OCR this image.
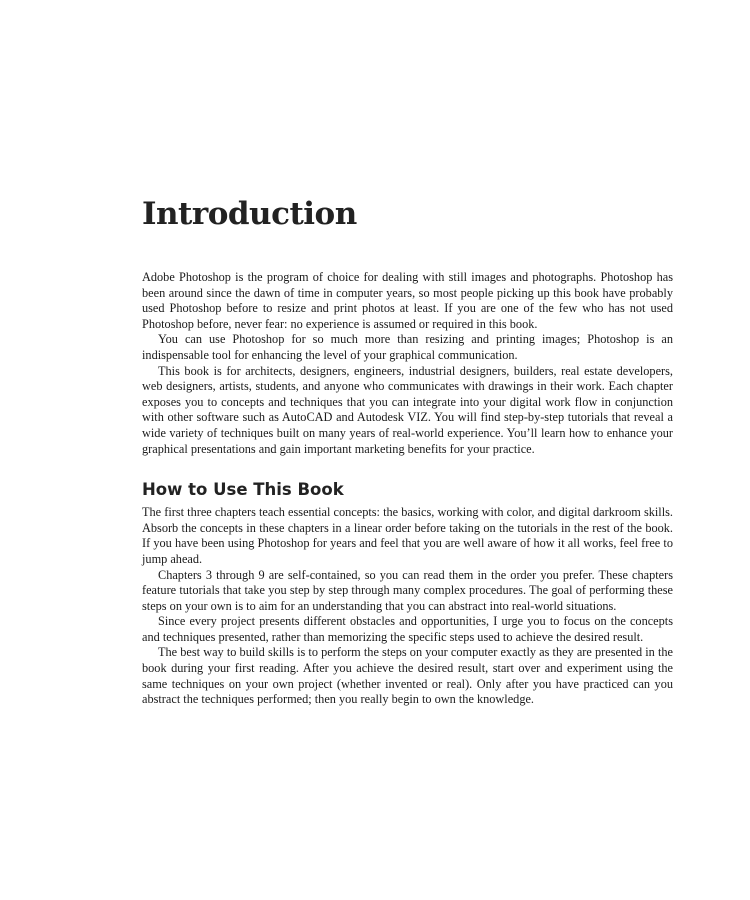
Introduction

Adobe Photoshop is the program of choice for dealing with still images and photographs. Photoshop has been around since the dawn of time in computer years, so most people picking up this book have probably used Photoshop before to resize and print photos at least. If you are one of the few who has not used Photoshop before, never fear: no experience is assumed or required in this book.

You can use Photoshop for so much more than resizing and printing images; Photoshop is an indispensable tool for enhancing the level of your graphical communication.

This book is for architects, designers, engineers, industrial designers, builders, real estate developers, web designers, artists, students, and anyone who communicates with drawings in their work. Each chapter exposes you to concepts and techniques that you can integrate into your digital work flow in conjunction with other software such as AutoCAD and Autodesk VIZ. You will find step-by-step tutorials that reveal a wide variety of techniques built on many years of real-world experience. You’ll learn how to enhance your graphical presentations and gain important marketing benefits for your practice.

How to Use This Book

The first three chapters teach essential concepts: the basics, working with color, and digital darkroom skills. Absorb the concepts in these chapters in a linear order before taking on the tutorials in the rest of the book. If you have been using Photoshop for years and feel that you are well aware of how it all works, feel free to jump ahead.

Chapters 3 through 9 are self-contained, so you can read them in the order you prefer. These chapters feature tutorials that take you step by step through many complex procedures. The goal of performing these steps on your own is to aim for an understanding that you can abstract into real-world situations.

Since every project presents different obstacles and opportunities, I urge you to focus on the concepts and techniques presented, rather than memorizing the specific steps used to achieve the desired result.

The best way to build skills is to perform the steps on your computer exactly as they are presented in the book during your first reading. After you achieve the desired result, start over and experiment using the same techniques on your own project (whether invented or real). Only after you have practiced can you abstract the techniques performed; then you really begin to own the knowledge.
